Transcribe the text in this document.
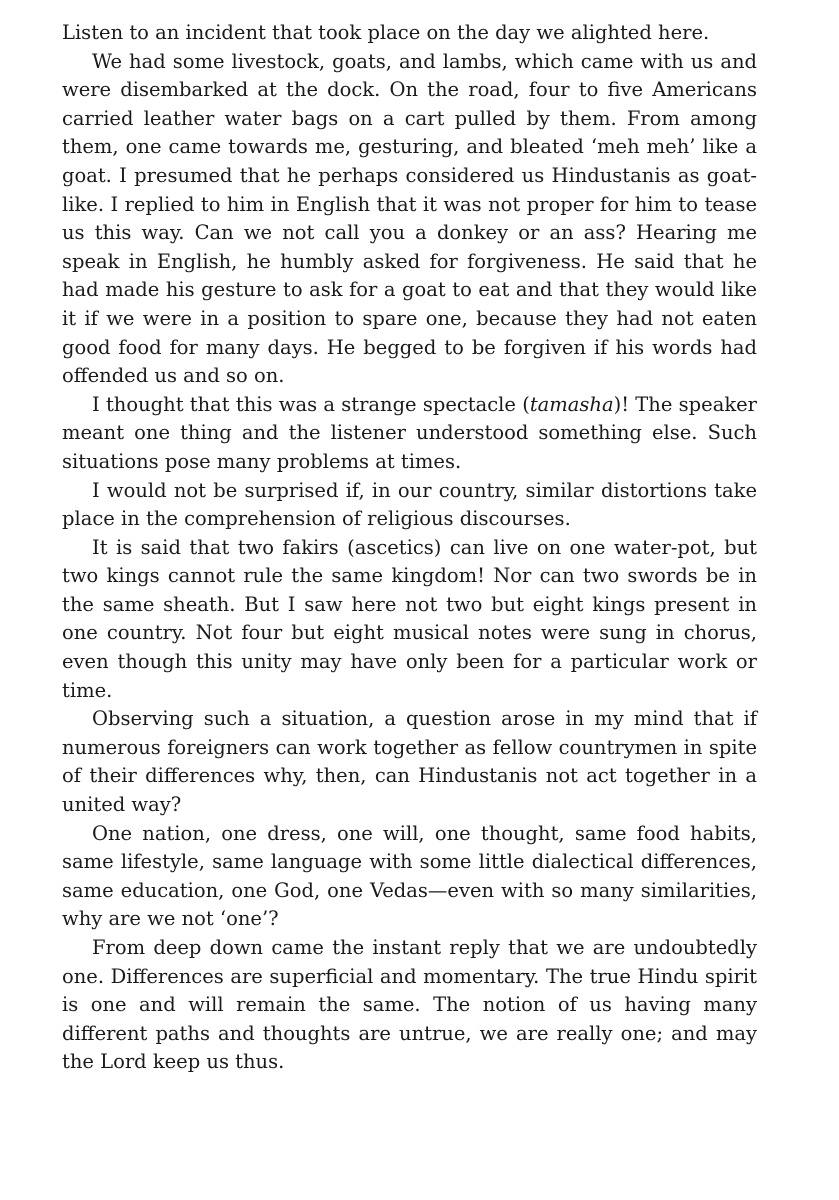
Listen to an incident that took place on the day we alighted here.

We had some livestock, goats, and lambs, which came with us and were disembarked at the dock. On the road, four to five Americans carried leather water bags on a cart pulled by them. From among them, one came towards me, gesturing, and bleated ‘meh meh’ like a goat. I presumed that he perhaps considered us Hindustanis as goat-like. I replied to him in English that it was not proper for him to tease us this way. Can we not call you a donkey or an ass? Hearing me speak in English, he humbly asked for forgiveness. He said that he had made his gesture to ask for a goat to eat and that they would like it if we were in a position to spare one, because they had not eaten good food for many days. He begged to be forgiven if his words had offended us and so on.

I thought that this was a strange spectacle (tamasha)! The speaker meant one thing and the listener understood something else. Such situations pose many problems at times.

I would not be surprised if, in our country, similar distortions take place in the comprehension of religious discourses.

It is said that two fakirs (ascetics) can live on one water-pot, but two kings cannot rule the same kingdom! Nor can two swords be in the same sheath. But I saw here not two but eight kings present in one country. Not four but eight musical notes were sung in chorus, even though this unity may have only been for a particular work or time.

Observing such a situation, a question arose in my mind that if numerous foreigners can work together as fellow countrymen in spite of their differences why, then, can Hindustanis not act together in a united way?

One nation, one dress, one will, one thought, same food habits, same lifestyle, same language with some little dialectical differences, same education, one God, one Vedas—even with so many similarities, why are we not ‘one’?

From deep down came the instant reply that we are undoubtedly one. Differences are superficial and momentary. The true Hindu spirit is one and will remain the same. The notion of us having many different paths and thoughts are untrue, we are really one; and may the Lord keep us thus.
